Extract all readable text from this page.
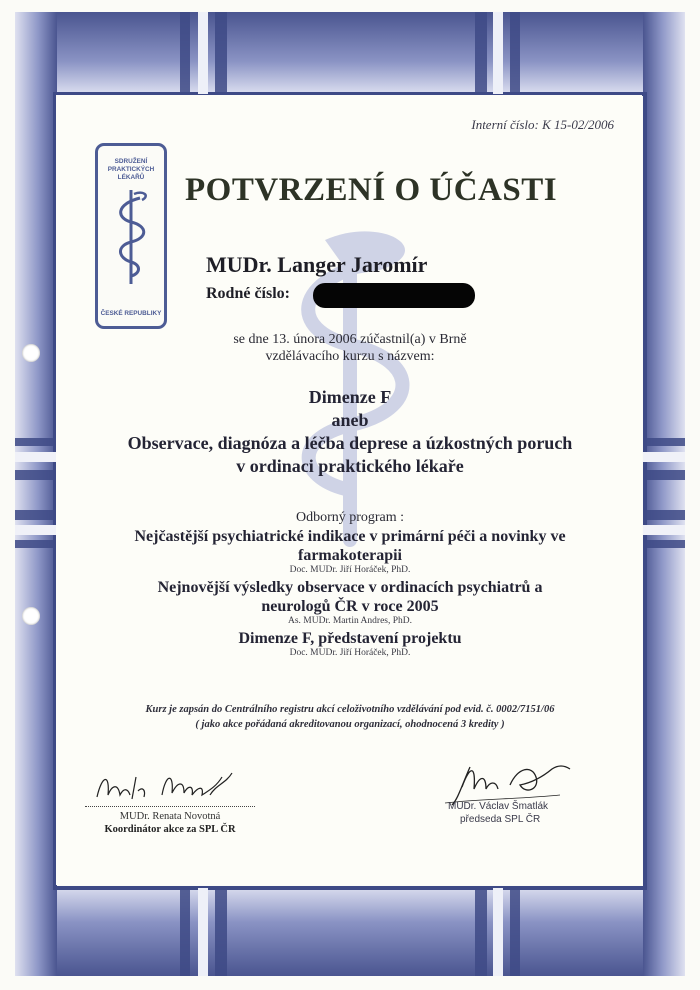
Interní číslo: K 15-02/2006
SDRUŽENÍ PRAKTICKÝCH LÉKAŘŮ
ČESKÉ REPUBLIKY
POTVRZENÍ O ÚČASTI
MUDr. Langer Jaromír
Rodné číslo:
se dne 13. února 2006 zúčastnil(a) v Brně
vzdělávacího kurzu s názvem:
Dimenze F
aneb
Observace, diagnóza a léčba deprese a úzkostných poruch
v ordinaci praktického lékaře
Odborný program :
Nejčastější psychiatrické indikace v primární péči a novinky ve
farmakoterapii
Doc. MUDr. Jiří Horáček, PhD.
Nejnovější výsledky observace v ordinacích psychiatrů a
neurologů ČR v roce 2005
As. MUDr. Martin Andres, PhD.
Dimenze F, představení projektu
Doc. MUDr. Jiří Horáček, PhD.
Kurz je zapsán do Centrálního registru akcí celoživotního vzdělávání pod evid. č. 0002/7151/06
( jako akce pořádaná akreditovanou organizací, ohodnocená 3 kredity )
MUDr. Renata Novotná
Koordinátor akce za SPL ČR
MUDr. Václav Šmatlák
předseda SPL ČR
